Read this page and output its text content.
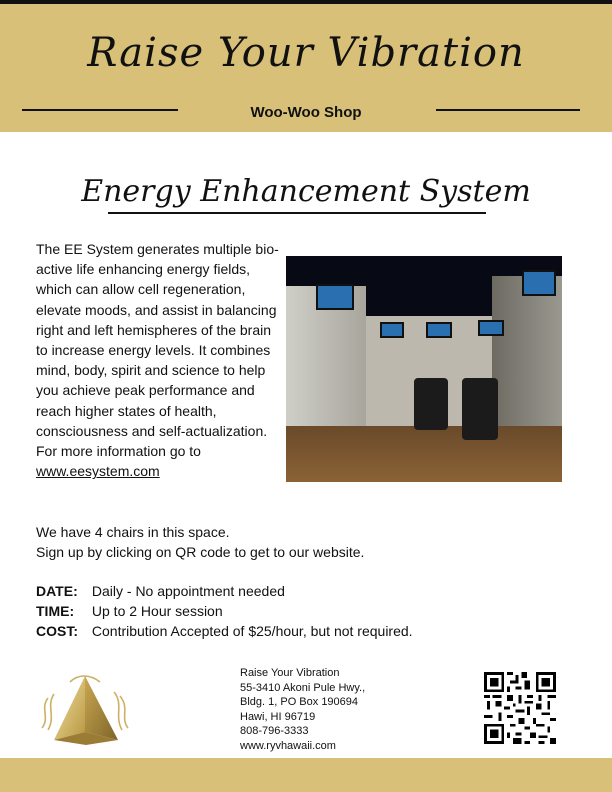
Raise Your Vibration
Woo-Woo Shop
Energy Enhancement System
The EE System generates multiple bio-active life enhancing energy fields, which can allow cell regeneration, elevate moods, and assist in balancing right and left hemispheres of the brain to increase energy levels. It combines mind, body, spirit and science to help you achieve peak performance and reach higher states of health, consciousness and self-actualization. For more information go to www.eesystem.com
We have 4 chairs in this space.
Sign up by clicking on QR code to get to our website.
DATE: Daily - No appointment needed
TIME: Up to 2 Hour session
COST: Contribution Accepted of $25/hour, but not required.
Raise Your Vibration
55-3410 Akoni Pule Hwy.,
Bldg. 1, PO Box 190694
Hawi, HI 96719
808-796-3333
www.ryvhawaii.com
